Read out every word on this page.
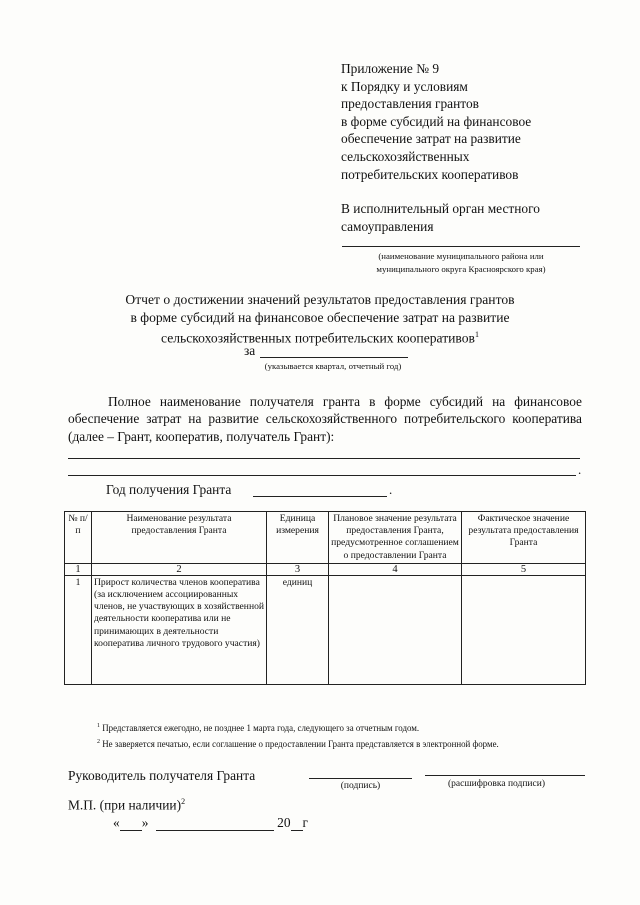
Приложение № 9
к Порядку и условиям
предоставления грантов
в форме субсидий на финансовое
обеспечение затрат на развитие
сельскохозяйственных
потребительских кооперативов
В исполнительный орган местного
самоуправления
(наименование муниципального района или
муниципального округа Красноярского края)
Отчет о достижении значений результатов предоставления грантов
в форме субсидий на финансовое обеспечение затрат на развитие
сельскохозяйственных потребительских кооперативов$^1$
за
(указывается квартал, отчетный год)
Полное наименование получателя гранта в форме субсидий на финансовое обеспечение затрат на развитие сельскохозяйственного потребительского кооператива (далее – Грант, кооператив, получатель Грант):
.
Год получения Гранта	.
№ п/п	Наименование результата предоставления Гранта	Единица измерения	Плановое значение результата предоставления Гранта, предусмотренное соглашением о предоставлении Гранта	Фактическое значение результата предоставления Гранта
1	2	3	4	5
1	Прирост количества членов кооператива (за исключением ассоциированных членов, не участвующих в хозяйственной деятельности кооператива или не принимающих в деятельности кооператива личного трудового участия)	единиц		
$^1$ Представляется ежегодно, не позднее 1 марта года, следующего за отчетным годом.
$^2$ Не заверяется печатью, если соглашение о предоставлении Гранта представляется в электронной форме.
Руководитель получателя Гранта
(подпись)	(расшифровка подписи)
М.П. (при наличии)$^2$
« »	20 г
